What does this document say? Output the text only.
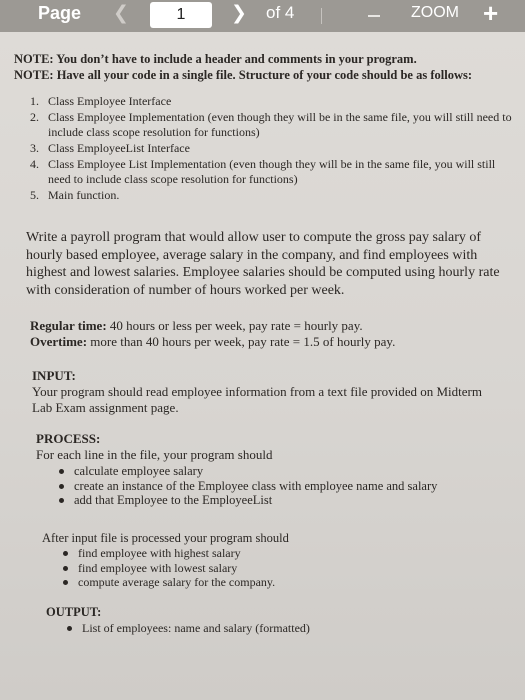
Page ❮	1	❯ of 4	ZOOM +
NOTE: You don’t have to include a header and comments in your program.
NOTE: Have all your code in a single file. Structure of your code should be as follows:
1. Class Employee Interface
2. Class Employee Implementation (even though they will be in the same file, you will still need to include class scope resolution for functions)
3. Class EmployeeList Interface
4. Class Employee List Implementation (even though they will be in the same file, you will still need to include class scope resolution for functions)
5. Main function.
Write a payroll program that would allow user to compute the gross pay salary of hourly based employee, average salary in the company, and find employees with highest and lowest salaries. Employee salaries should be computed using hourly rate with consideration of number of hours worked per week.
Regular time: 40 hours or less per week, pay rate = hourly pay.
Overtime: more than 40 hours per week, pay rate = 1.5 of hourly pay.
INPUT:
Your program should read employee information from a text file provided on Midterm Lab Exam assignment page.
PROCESS:
For each line in the file, your program should
calculate employee salary
create an instance of the Employee class with employee name and salary
add that Employee to the EmployeeList
After input file is processed your program should
find employee with highest salary
find employee with lowest salary
compute average salary for the company.
OUTPUT:
List of employees: name and salary (formatted)
